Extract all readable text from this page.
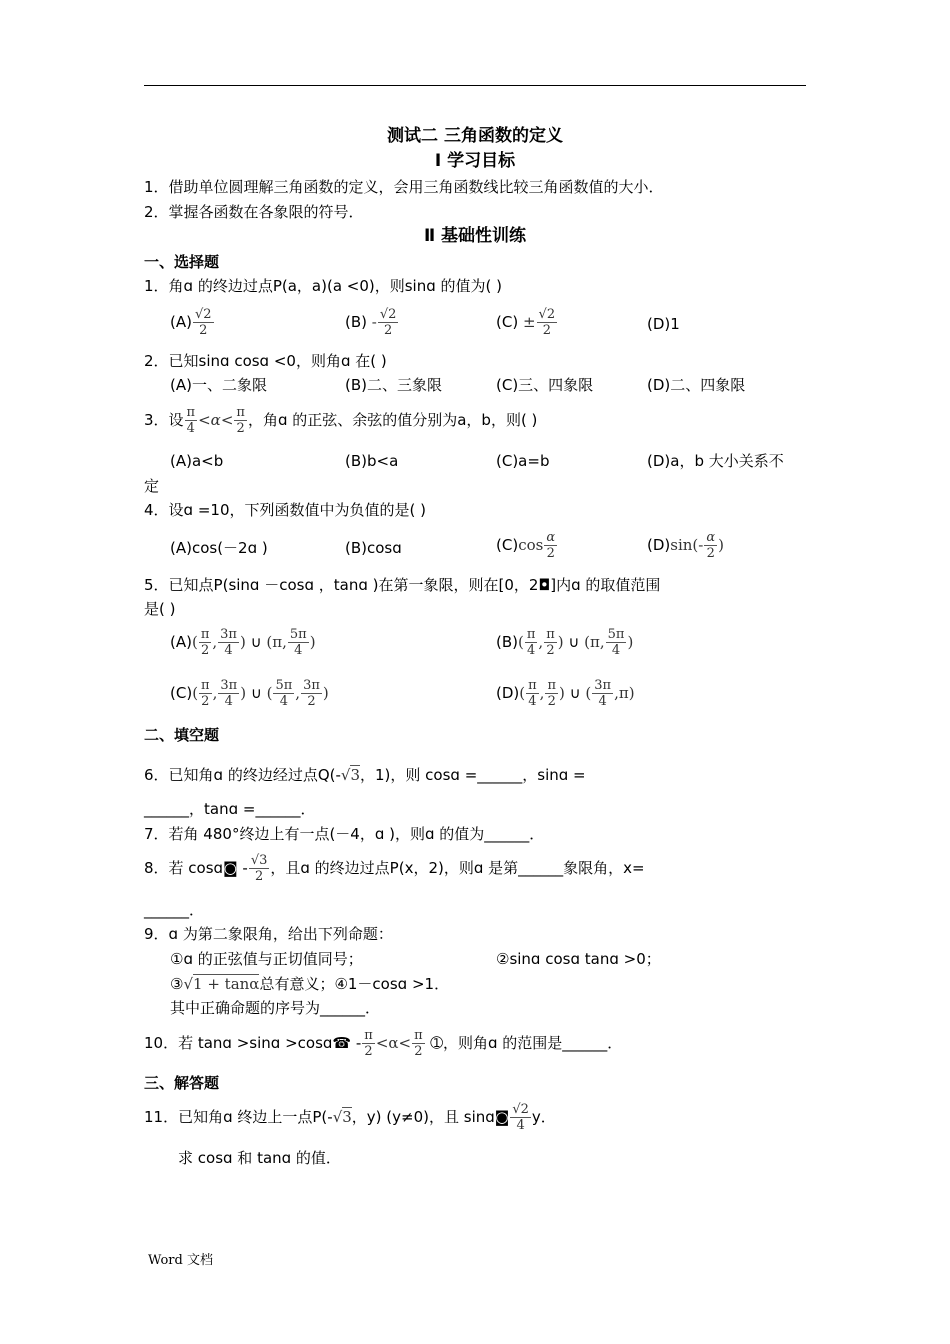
测试二 三角函数的定义
Ⅰ 学习目标
1．借助单位圆理解三角函数的定义，会用三角函数线比较三角函数值的大小．
2．掌握各函数在各象限的符号．
Ⅱ 基础性训练
一、选择题
1．角ɑ 的终边过点P(a，a)(a <0)，则sinɑ 的值为( )
$(A) \frac{√2}{2}$	$(B) - \frac{√2}{2}$	$(C) \pm \frac{√2}{2}$	(D)1
2．已知sinɑ cosɑ <0，则角ɑ 在( )
(A)一、二象限	(B)二、三象限	(C)三、四象限	(D)二、四象限
3．设 $\frac{\pi}{4} <\alpha< \frac{\pi}{2}$ ，角ɑ 的正弦、余弦的值分别为a，b，则( )
(A)a<b	(B)b<a	(C)a=b	(D)a，b 大小关系不
定
4．设ɑ =10，下列函数值中为负值的是( )
(A)cos(－2ɑ )	(B)cosɑ	$(C)\cos \frac{\alpha}{2}$	$(D)\sin(- \frac{\alpha}{2}$ )
5．已知点P(sinɑ －cosɑ ，tanɑ )在第一象限，则在[0，2◘]内ɑ 的取值范围
是( )
$(A)( \frac{\pi}{2}$ , $\frac{3\pi}{4}$ ) ∪ (π, $\frac{5\pi}{4}$ )	$(B)( \frac{\pi}{4}$ , $\frac{\pi}{2}$ ) ∪ (π, $\frac{5\pi}{4}$ )
$(C)( \frac{\pi}{2}$ , $\frac{3\pi}{4}$ ) ∪ ( $\frac{5\pi}{4}$ , $\frac{3\pi}{2}$ )	$(D)( \frac{\pi}{4}$ , $\frac{\pi}{2}$ ) ∪ ( $\frac{3\pi}{4} ,\pi$)
二、填空题
6．已知角ɑ 的终边经过点Q(-√3，1)，则 cosɑ =______，sinɑ =
______，tanɑ =______．
7．若角 480°终边上有一点(－4，ɑ )，则ɑ 的值为______．
8．若 cosɑ◙ - $\frac{√3}{2}$ ，且ɑ 的终边过点P(x，2)，则ɑ 是第______象限角，x=
______．
9．ɑ 为第二象限角，给出下列命题：
①ɑ 的正弦值与正切值同号；	②sinɑ cosɑ tanɑ >0；
③√1 + tanα总有意义；④1－cosɑ >1．
其中正确命题的序号为______．
10．若 tanɑ >sinɑ >cosɑ☎ - $\frac{\pi}{2} <\alpha< \frac{\pi}{2}$ ➀，则角ɑ 的范围是______．
三、解答题
11．已知角ɑ 终边上一点P(-√3，y) (y≠0)，且 sinɑ◙ $\frac{√2}{4}$ y．
求 cosɑ 和 tanɑ 的值．
Word 文档
